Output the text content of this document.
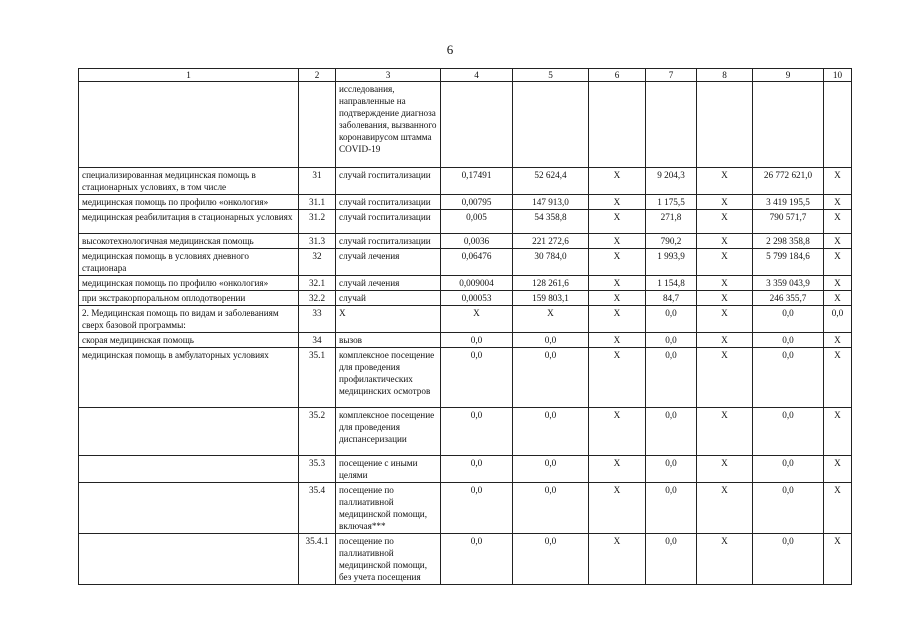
6
1	2	3	4	5	6	7	8	9	10
		исследования, направленные на подтверждение диагноза заболевания, вызванного коронавирусом штамма COVID-19							
специализированная медицинская помощь в стационарных условиях, в том числе	31	случай госпитализации	0,17491	52 624,4	X	9 204,3	X	26 772 621,0	X
медицинская помощь по профилю «онкология»	31.1	случай госпитализации	0,00795	147 913,0	X	1 175,5	X	3 419 195,5	X
медицинская реабилитация в стационарных условиях	31.2	случай госпитализации	0,005	54 358,8	X	271,8	X	790 571,7	X
высокотехнологичная медицинская помощь	31.3	случай госпитализации	0,0036	221 272,6	X	790,2	X	2 298 358,8	X
медицинская помощь в условиях дневного стационара	32	случай лечения	0,06476	30 784,0	X	1 993,9	X	5 799 184,6	X
медицинская помощь по профилю «онкология»	32.1	случай лечения	0,009004	128 261,6	X	1 154,8	X	3 359 043,9	X
при экстракорпоральном оплодотворении	32.2	случай	0,00053	159 803,1	X	84,7	X	246 355,7	X
2. Медицинская помощь по видам и заболеваниям сверх базовой программы:	33	X	X	X	X	0,0	X	0,0	0,0
скорая медицинская помощь	34	вызов	0,0	0,0	X	0,0	X	0,0	X
медицинская помощь в амбулаторных условиях	35.1	комплексное посещение для проведения профилактических медицинских осмотров	0,0	0,0	X	0,0	X	0,0	X
	35.2	комплексное посещение для проведения диспансеризации	0,0	0,0	X	0,0	X	0,0	X
	35.3	посещение с иными целями	0,0	0,0	X	0,0	X	0,0	X
	35.4	посещение по паллиативной медицинской помощи, включая***	0,0	0,0	X	0,0	X	0,0	X
	35.4.1	посещение по паллиативной медицинской помощи, без учета посещения	0,0	0,0	X	0,0	X	0,0	X
